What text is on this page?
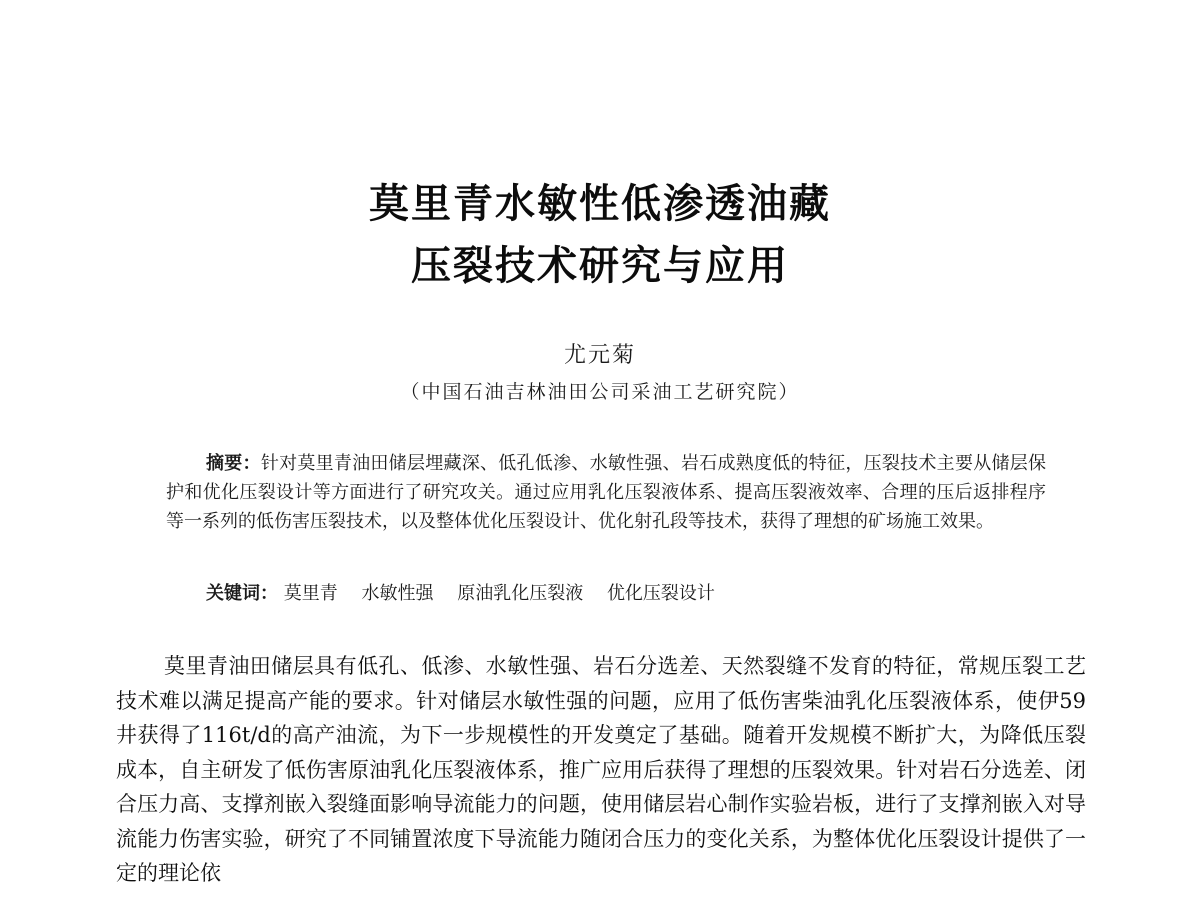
莫里青水敏性低渗透油藏
压裂技术研究与应用
尤元菊
（中国石油吉林油田公司采油工艺研究院）
摘要：针对莫里青油田储层埋藏深、低孔低渗、水敏性强、岩石成熟度低的特征，压裂技术主要从储层保护和优化压裂设计等方面进行了研究攻关。通过应用乳化压裂液体系、提高压裂液效率、合理的压后返排程序等一系列的低伤害压裂技术，以及整体优化压裂设计、优化射孔段等技术，获得了理想的矿场施工效果。
关键词： 莫里青 水敏性强 原油乳化压裂液 优化压裂设计
莫里青油田储层具有低孔、低渗、水敏性强、岩石分选差、天然裂缝不发育的特征，常规压裂工艺技术难以满足提高产能的要求。针对储层水敏性强的问题，应用了低伤害柴油乳化压裂液体系，使伊59井获得了116t/d的高产油流，为下一步规模性的开发奠定了基础。随着开发规模不断扩大，为降低压裂成本，自主研发了低伤害原油乳化压裂液体系，推广应用后获得了理想的压裂效果。针对岩石分选差、闭合压力高、支撑剂嵌入裂缝面影响导流能力的问题，使用储层岩心制作实验岩板，进行了支撑剂嵌入对导流能力伤害实验，研究了不同铺置浓度下导流能力随闭合压力的变化关系，为整体优化压裂设计提供了一定的理论依
